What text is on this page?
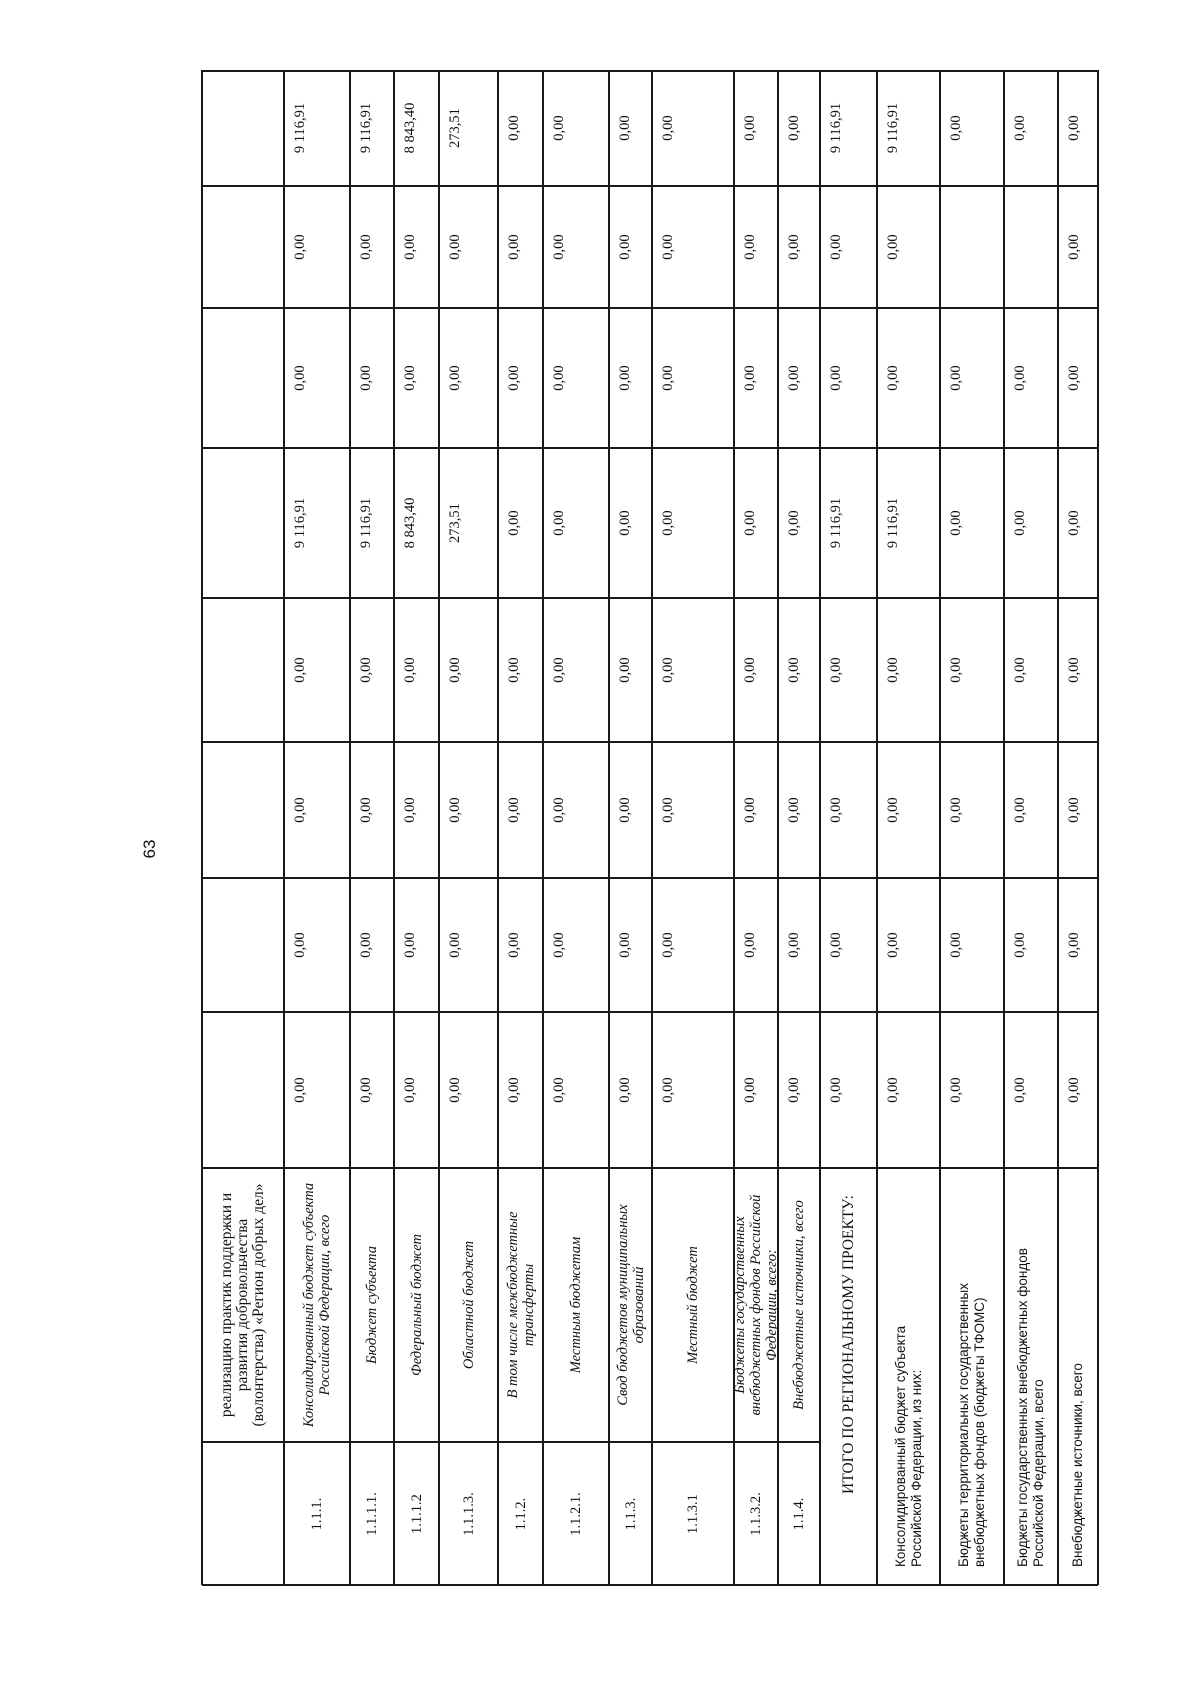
63
реализацию практик поддержки и развития добровольчества (волонтерства) «Регион добрых дел»
1.1.1.
Консолидированный бюджет субъекта Российской Федерации, всего
0,00
0,00
0,00
0,00
9 116,91
0,00
0,00
9 116,91
1.1.1.1.
Бюджет субъекта
0,00
0,00
0,00
0,00
9 116,91
0,00
0,00
9 116,91
1.1.1.2
Федеральный бюджет
0,00
0,00
0,00
0,00
8 843,40
0,00
0,00
8 843,40
1.1.1.3.
Областной бюджет
0,00
0,00
0,00
0,00
273,51
0,00
0,00
273,51
1.1.2.
В том числе межбюджетные трансферты
0,00
0,00
0,00
0,00
0,00
0,00
0,00
0,00
1.1.2.1.
Местным бюджетам
0,00
0,00
0,00
0,00
0,00
0,00
0,00
0,00
1.1.3.
Свод бюджетов муниципальных образований
0,00
0,00
0,00
0,00
0,00
0,00
0,00
0,00
1.1.3.1
Местный бюджет
0,00
0,00
0,00
0,00
0,00
0,00
0,00
0,00
1.1.3.2.
Бюджеты государственных внебюджетных фондов Российской Федерации, всего:
0,00
0,00
0,00
0,00
0,00
0,00
0,00
0,00
1.1.4.
Внебюджетные источники, всего
0,00
0,00
0,00
0,00
0,00
0,00
0,00
0,00
ИТОГО ПО РЕГИОНАЛЬНОМУ ПРОЕКТУ:
0,00
0,00
0,00
0,00
9 116,91
0,00
0,00
9 116,91
Консолидированный бюджет субъекта Российской Федерации, из них:
0,00
0,00
0,00
0,00
9 116,91
0,00
0,00
9 116,91
Бюджеты территориальных государственных внебюджетных фондов (бюджеты ТФОМС)
0,00
0,00
0,00
0,00
0,00
0,00
0,00
Бюджеты государственных внебюджетных фондов Российской Федерации, всего
0,00
0,00
0,00
0,00
0,00
0,00
0,00
Внебюджетные источники, всего
0,00
0,00
0,00
0,00
0,00
0,00
0,00
0,00
